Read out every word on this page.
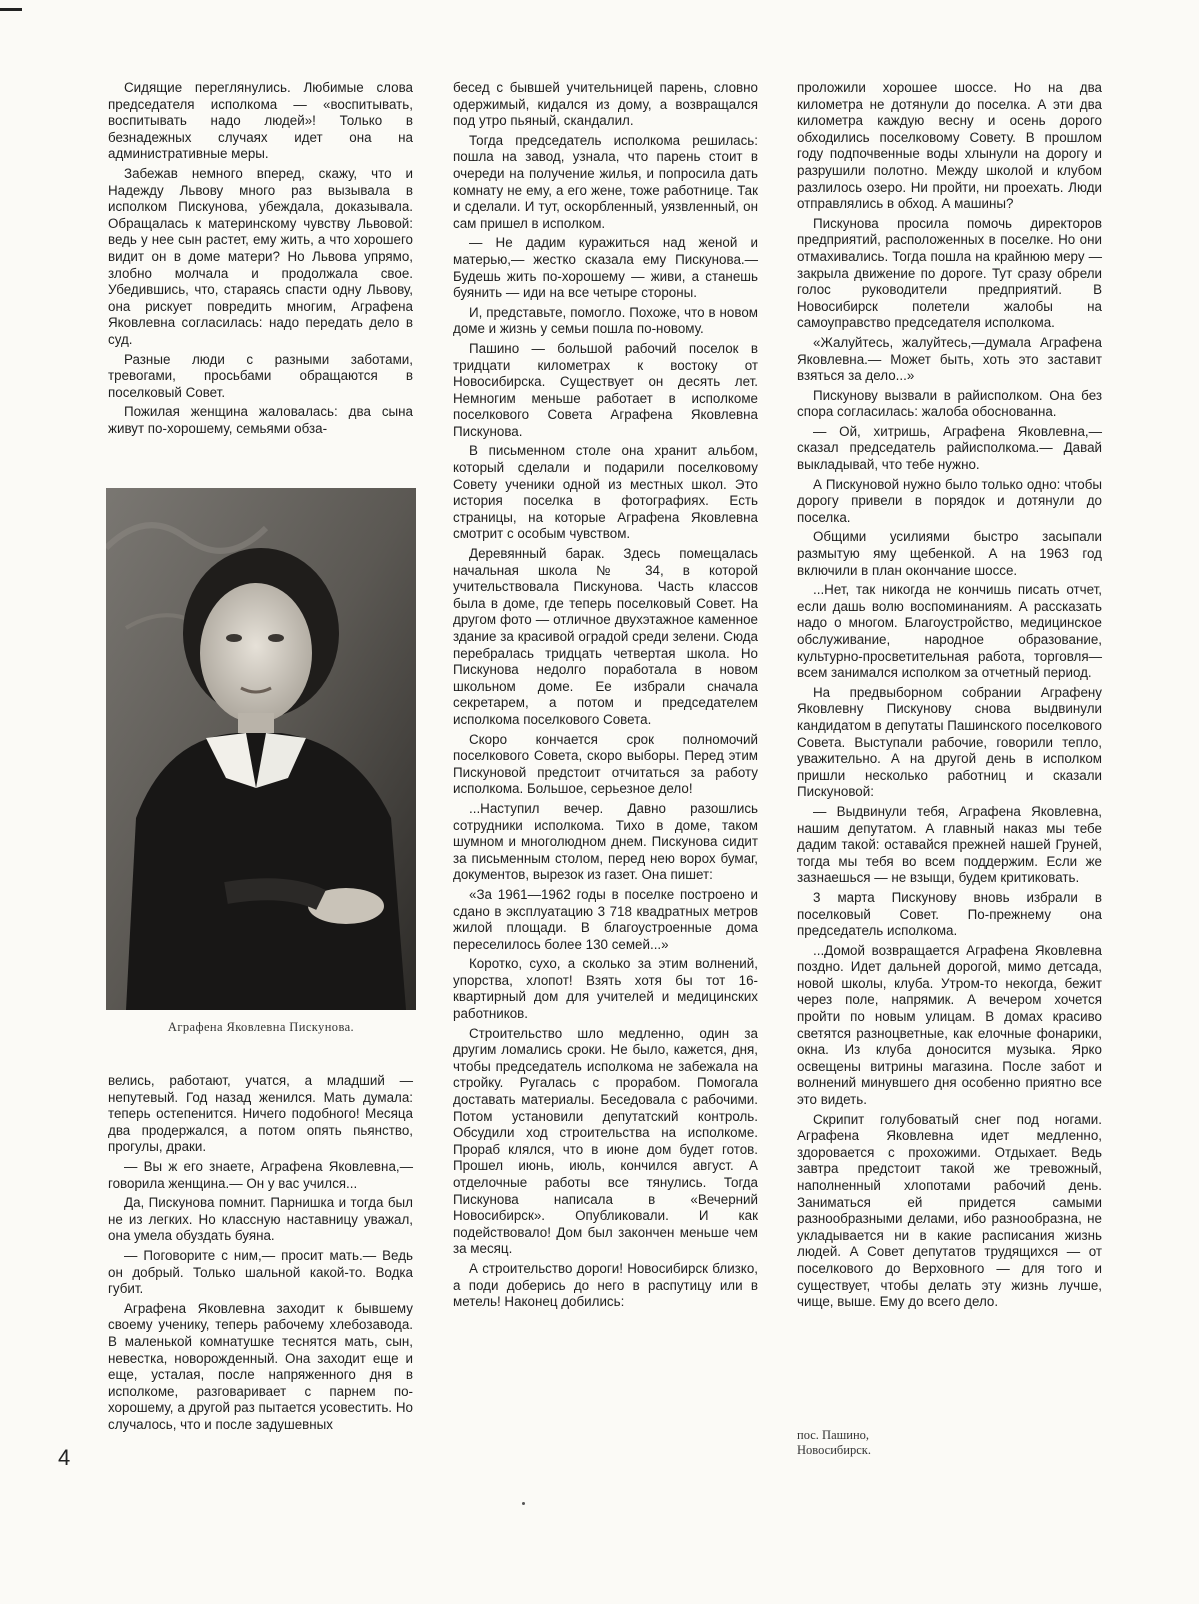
Сидящие переглянулись. Любимые слова председателя исполкома — «воспитывать, воспитывать надо людей»! Только в безнадежных случаях идет она на административные меры.

Забежав немного вперед, скажу, что и Надежду Львову много раз вызывала в исполком Пискунова, убеждала, доказывала. Обращалась к материнскому чувству Львовой: ведь у нее сын растет, ему жить, а что хорошего видит он в доме матери? Но Львова упрямо, злобно молчала и продолжала свое. Убедившись, что, стараясь спасти одну Львову, она рискует повредить многим, Аграфена Яковлевна согласилась: надо передать дело в суд.

Разные люди с разными заботами, тревогами, просьбами обращаются в поселковый Совет.

Пожилая женщина жаловалась: два сына живут по-хорошему, семьями обза-

Аграфена Яковлевна Пискунова.

велись, работают, учатся, а младший — непутевый. Год назад женился. Мать думала: теперь остепенится. Ничего подобного! Месяца два продержался, а потом опять пьянство, прогулы, драки.

— Вы ж его знаете, Аграфена Яковлевна,— говорила женщина.— Он у вас учился...

Да, Пискунова помнит. Парнишка и тогда был не из легких. Но классную наставницу уважал, она умела обуздать буяна.

— Поговорите с ним,— просит мать.— Ведь он добрый. Только шальной какой-то. Водка губит.

Аграфена Яковлевна заходит к бывшему своему ученику, теперь рабочему хлебозавода. В маленькой комнатушке теснятся мать, сын, невестка, новорожденный. Она заходит еще и еще, усталая, после напряженного дня в исполкоме, разговаривает с парнем по-хорошему, а другой раз пытается усовестить. Но случалось, что и после задушевных

бесед с бывшей учительницей парень, словно одержимый, кидался из дому, а возвращался под утро пьяный, скандалил.

Тогда председатель исполкома решилась: пошла на завод, узнала, что парень стоит в очереди на получение жилья, и попросила дать комнату не ему, а его жене, тоже работнице. Так и сделали. И тут, оскорбленный, уязвленный, он сам пришел в исполком.

— Не дадим куражиться над женой и матерью,— жестко сказала ему Пискунова.— Будешь жить по-хорошему — живи, а станешь буянить — иди на все четыре стороны.

И, представьте, помогло. Похоже, что в новом доме и жизнь у семьи пошла по-новому.

Пашино — большой рабочий поселок в тридцати километрах к востоку от Новосибирска. Существует он десять лет. Немногим меньше работает в исполкоме поселкового Совета Аграфена Яковлевна Пискунова.

В письменном столе она хранит альбом, который сделали и подарили поселковому Совету ученики одной из местных школ. Это история поселка в фотографиях. Есть страницы, на которые Аграфена Яковлевна смотрит с особым чувством.

Деревянный барак. Здесь помещалась начальная школа № 34, в которой учительствовала Пискунова. Часть классов была в доме, где теперь поселковый Совет. На другом фото — отличное двухэтажное каменное здание за красивой оградой среди зелени. Сюда перебралась тридцать четвертая школа. Но Пискунова недолго поработала в новом школьном доме. Ее избрали сначала секретарем, а потом и председателем исполкома поселкового Совета.

Скоро кончается срок полномочий поселкового Совета, скоро выборы. Перед этим Пискуновой предстоит отчитаться за работу исполкома. Большое, серьезное дело!

...Наступил вечер. Давно разошлись сотрудники исполкома. Тихо в доме, таком шумном и многолюдном днем. Пискунова сидит за письменным столом, перед нею ворох бумаг, документов, вырезок из газет. Она пишет:

«За 1961—1962 годы в поселке построено и сдано в эксплуатацию 3 718 квадратных метров жилой площади. В благоустроенные дома переселилось более 130 семей...»

Коротко, сухо, а сколько за этим волнений, упорства, хлопот! Взять хотя бы тот 16-квартирный дом для учителей и медицинских работников.

Строительство шло медленно, один за другим ломались сроки. Не было, кажется, дня, чтобы председатель исполкома не забежала на стройку. Ругалась с прорабом. Помогала доставать материалы. Беседовала с рабочими. Потом установили депутатский контроль. Обсудили ход строительства на исполкоме. Прораб клялся, что в июне дом будет готов. Прошел июнь, июль, кончился август. А отделочные работы все тянулись. Тогда Пискунова написала в «Вечерний Новосибирск». Опубликовали. И как подействовало! Дом был закончен меньше чем за месяц.

А строительство дороги! Новосибирск близко, а поди доберись до него в распутицу или в метель! Наконец добились:

проложили хорошее шоссе. Но на два километра не дотянули до поселка. А эти два километра каждую весну и осень дорого обходились поселковому Совету. В прошлом году подпочвенные воды хлынули на дорогу и разрушили полотно. Между школой и клубом разлилось озеро. Ни пройти, ни проехать. Люди отправлялись в обход. А машины?

Пискунова просила помочь директоров предприятий, расположенных в поселке. Но они отмахивались. Тогда пошла на крайнюю меру — закрыла движение по дороге. Тут сразу обрели голос руководители предприятий. В Новосибирск полетели жалобы на самоуправство председателя исполкома.

«Жалуйтесь, жалуйтесь,—думала Аграфена Яковлевна.— Может быть, хоть это заставит взяться за дело...»

Пискунову вызвали в райисполком. Она без спора согласилась: жалоба обоснованна.

— Ой, хитришь, Аграфена Яковлевна,— сказал председатель райисполкома.— Давай выкладывай, что тебе нужно.

А Пискуновой нужно было только одно: чтобы дорогу привели в порядок и дотянули до поселка.

Общими усилиями быстро засыпали размытую яму щебенкой. А на 1963 год включили в план окончание шоссе.

...Нет, так никогда не кончишь писать отчет, если дашь волю воспоминаниям. А рассказать надо о многом. Благоустройство, медицинское обслуживание, народное образование, культурно-просветительная работа, торговля—всем занимался исполком за отчетный период.

На предвыборном собрании Аграфену Яковлевну Пискунову снова выдвинули кандидатом в депутаты Пашинского поселкового Совета. Выступали рабочие, говорили тепло, уважительно. А на другой день в исполком пришли несколько работниц и сказали Пискуновой:

— Выдвинули тебя, Аграфена Яковлевна, нашим депутатом. А главный наказ мы тебе дадим такой: оставайся прежней нашей Груней, тогда мы тебя во всем поддержим. Если же зазнаешься — не взыщи, будем критиковать.

3 марта Пискунову вновь избрали в поселковый Совет. По-прежнему она председатель исполкома.

...Домой возвращается Аграфена Яковлевна поздно. Идет дальней дорогой, мимо детсада, новой школы, клуба. Утром-то некогда, бежит через поле, напрямик. А вечером хочется пройти по новым улицам. В домах красиво светятся разноцветные, как елочные фонарики, окна. Из клуба доносится музыка. Ярко освещены витрины магазина. После забот и волнений минувшего дня особенно приятно все это видеть.

Скрипит голубоватый снег под ногами. Аграфена Яковлевна идет медленно, здоровается с прохожими. Отдыхает. Ведь завтра предстоит такой же тревожный, наполненный хлопотами рабочий день. Заниматься ей придется самыми разнообразными делами, ибо разнообразна, не укладывается ни в какие расписания жизнь людей. А Совет депутатов трудящихся — от поселкового до Верховного — для того и существует, чтобы делать эту жизнь лучше, чище, выше. Ему до всего дело.

пос. Пашино,
Новосибирск.
4
